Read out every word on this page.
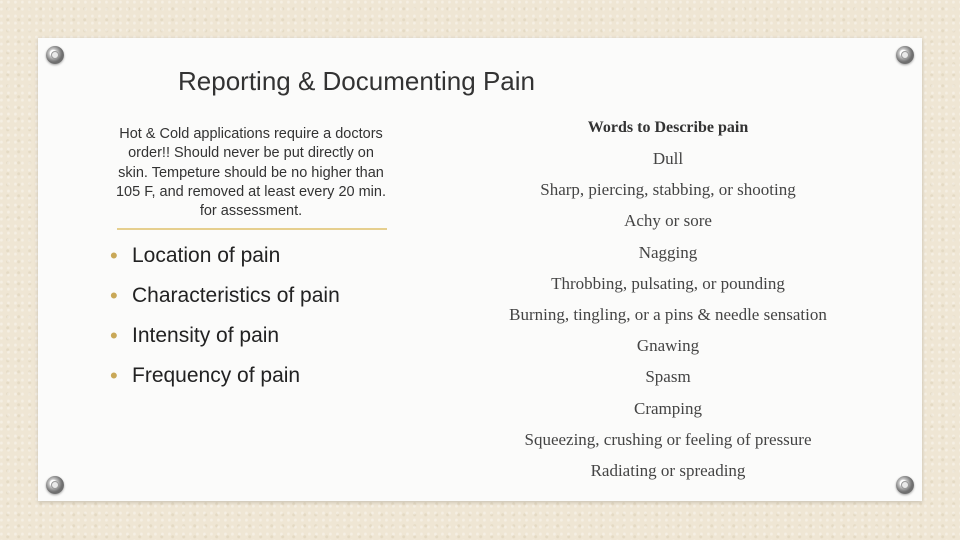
Reporting & Documenting Pain
Hot & Cold applications require a doctors order!! Should never be put directly on skin. Tempeture should be no higher than 105 F, and removed at least every 20 min. for assessment.
• Location of pain
• Characteristics of pain
• Intensity of pain
• Frequency of pain
Words to Describe pain
Dull
Sharp, piercing, stabbing, or shooting
Achy or sore
Nagging
Throbbing, pulsating, or pounding
Burning, tingling, or a pins & needle sensation
Gnawing
Spasm
Cramping
Squeezing, crushing or feeling of pressure
Radiating or spreading
